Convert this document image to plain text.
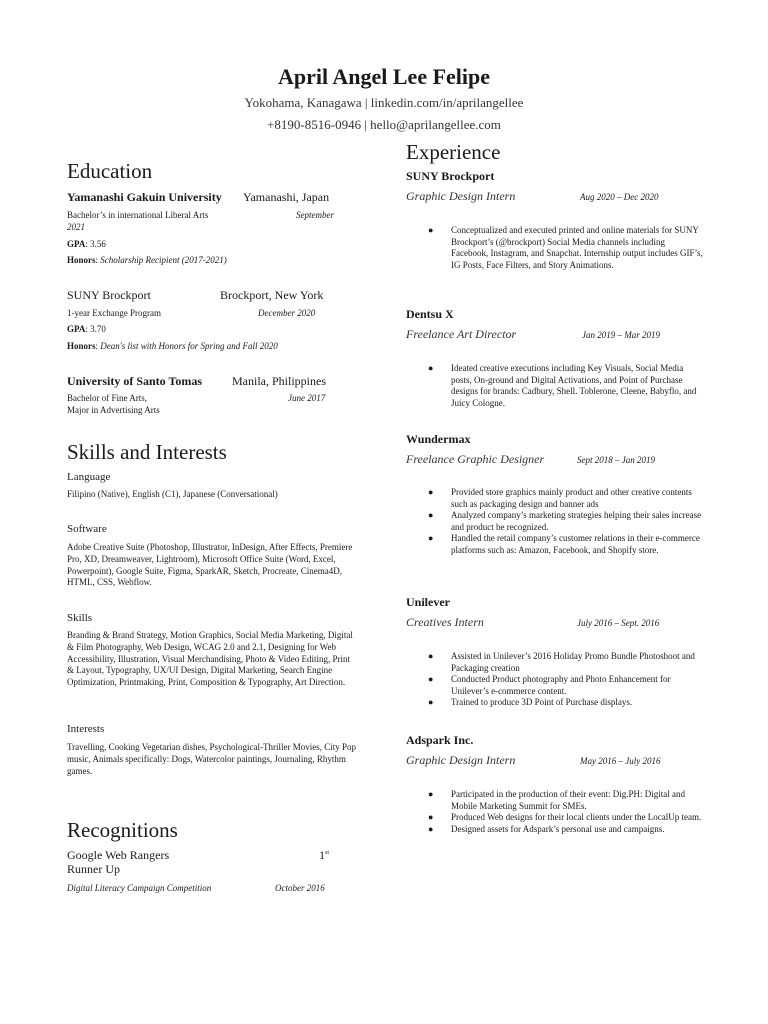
April Angel Lee Felipe
Yokohama, Kanagawa | linkedin.com/in/aprilangellee
+8190-8516-0946 | hello@aprilangellee.com
Education
Yamanashi Gakuin University Yamanashi, Japan
Bachelor’s in international Liberal Arts	September
2021
GPA: 3.56
Honors: Scholarship Recipient (2017-2021)
SUNY Brockport	Brockport, New York
1-year Exchange Program	December 2020
GPA: 3.70
Honors: Dean's list with Honors for Spring and Fall 2020
University of Santo Tomas Manila, Philippines
Bachelor of Fine Arts,	June 2017
Major in Advertising Arts
Skills and Interests
Language
Filipino (Native), English (C1), Japanese (Conversational)
Software
Adobe Creative Suite (Photoshop, Illustrator, InDesign, After Effects, Premiere Pro, XD, Dreamweaver, Lightroom), Microsoft Office Suite (Word, Excel, Powerpoint), Google Suite, Figma, SparkAR, Sketch, Procreate, Cinema4D, HTML, CSS, Webflow.
Skills
Branding & Brand Strategy, Motion Graphics, Social Media Marketing, Digital & Film Photography, Web Design, WCAG 2.0 and 2.1, Designing for Web Accessibility, Illustration, Visual Merchandising, Photo & Video Editing, Print & Layout, Typography, UX/UI Design, Digital Marketing, Search Engine Optimization, Printmaking, Print, Composition & Typography, Art Direction.
Interests
Travelling, Cooking Vegetarian dishes, Psychological-Thriller Movies, City Pop music, Animals specifically: Dogs, Watercolor paintings, Journaling, Rhythm games.
Recognitions
Google Web Rangers	1st
Runner Up
Digital Literacy Campaign Competition	October 2016
Experience
SUNY Brockport
Graphic Design Intern	Aug 2020 – Dec 2020
● Conceptualized and executed printed and online materials for SUNY Brockport’s (@brockport) Social Media channels including Facebook, Instagram, and Snapchat. Internship output includes GIF’s, IG Posts, Face Filters, and Story Animations.
Dentsu X
Freelance Art Director	Jan 2019 – Mar 2019
● Ideated creative executions including Key Visuals, Social Media posts, On-ground and Digital Activations, and Point of Purchase designs for brands: Cadbury, Shell. Toblerone, Cleene, Babyflo, and Juicy Cologne.
Wundermax
Freelance Graphic Designer	Sept 2018 – Jan 2019
● Provided store graphics mainly product and other creative contents such as packaging design and banner ads
● Analyzed company’s marketing strategies helping their sales increase and product be recognized.
● Handled the retail company’s customer relations in their e-commerce platforms such as: Amazon, Facebook, and Shopify store.
Unilever
Creatives Intern	July 2016 – Sept. 2016
● Assisted in Unilever’s 2016 Holiday Promo Bundle Photoshoot and Packaging creation
● Conducted Product photography and Photo Enhancement for Unilever’s e-commerce content.
● Trained to produce 3D Point of Purchase displays.
Adspark Inc.
Graphic Design Intern	May 2016 – July 2016
● Participated in the production of their event: Dig.PH: Digital and Mobile Marketing Summit for SMEs.
● Produced Web designs for their local clients under the LocalUp team.
● Designed assets for Adspark’s personal use and campaigns.
